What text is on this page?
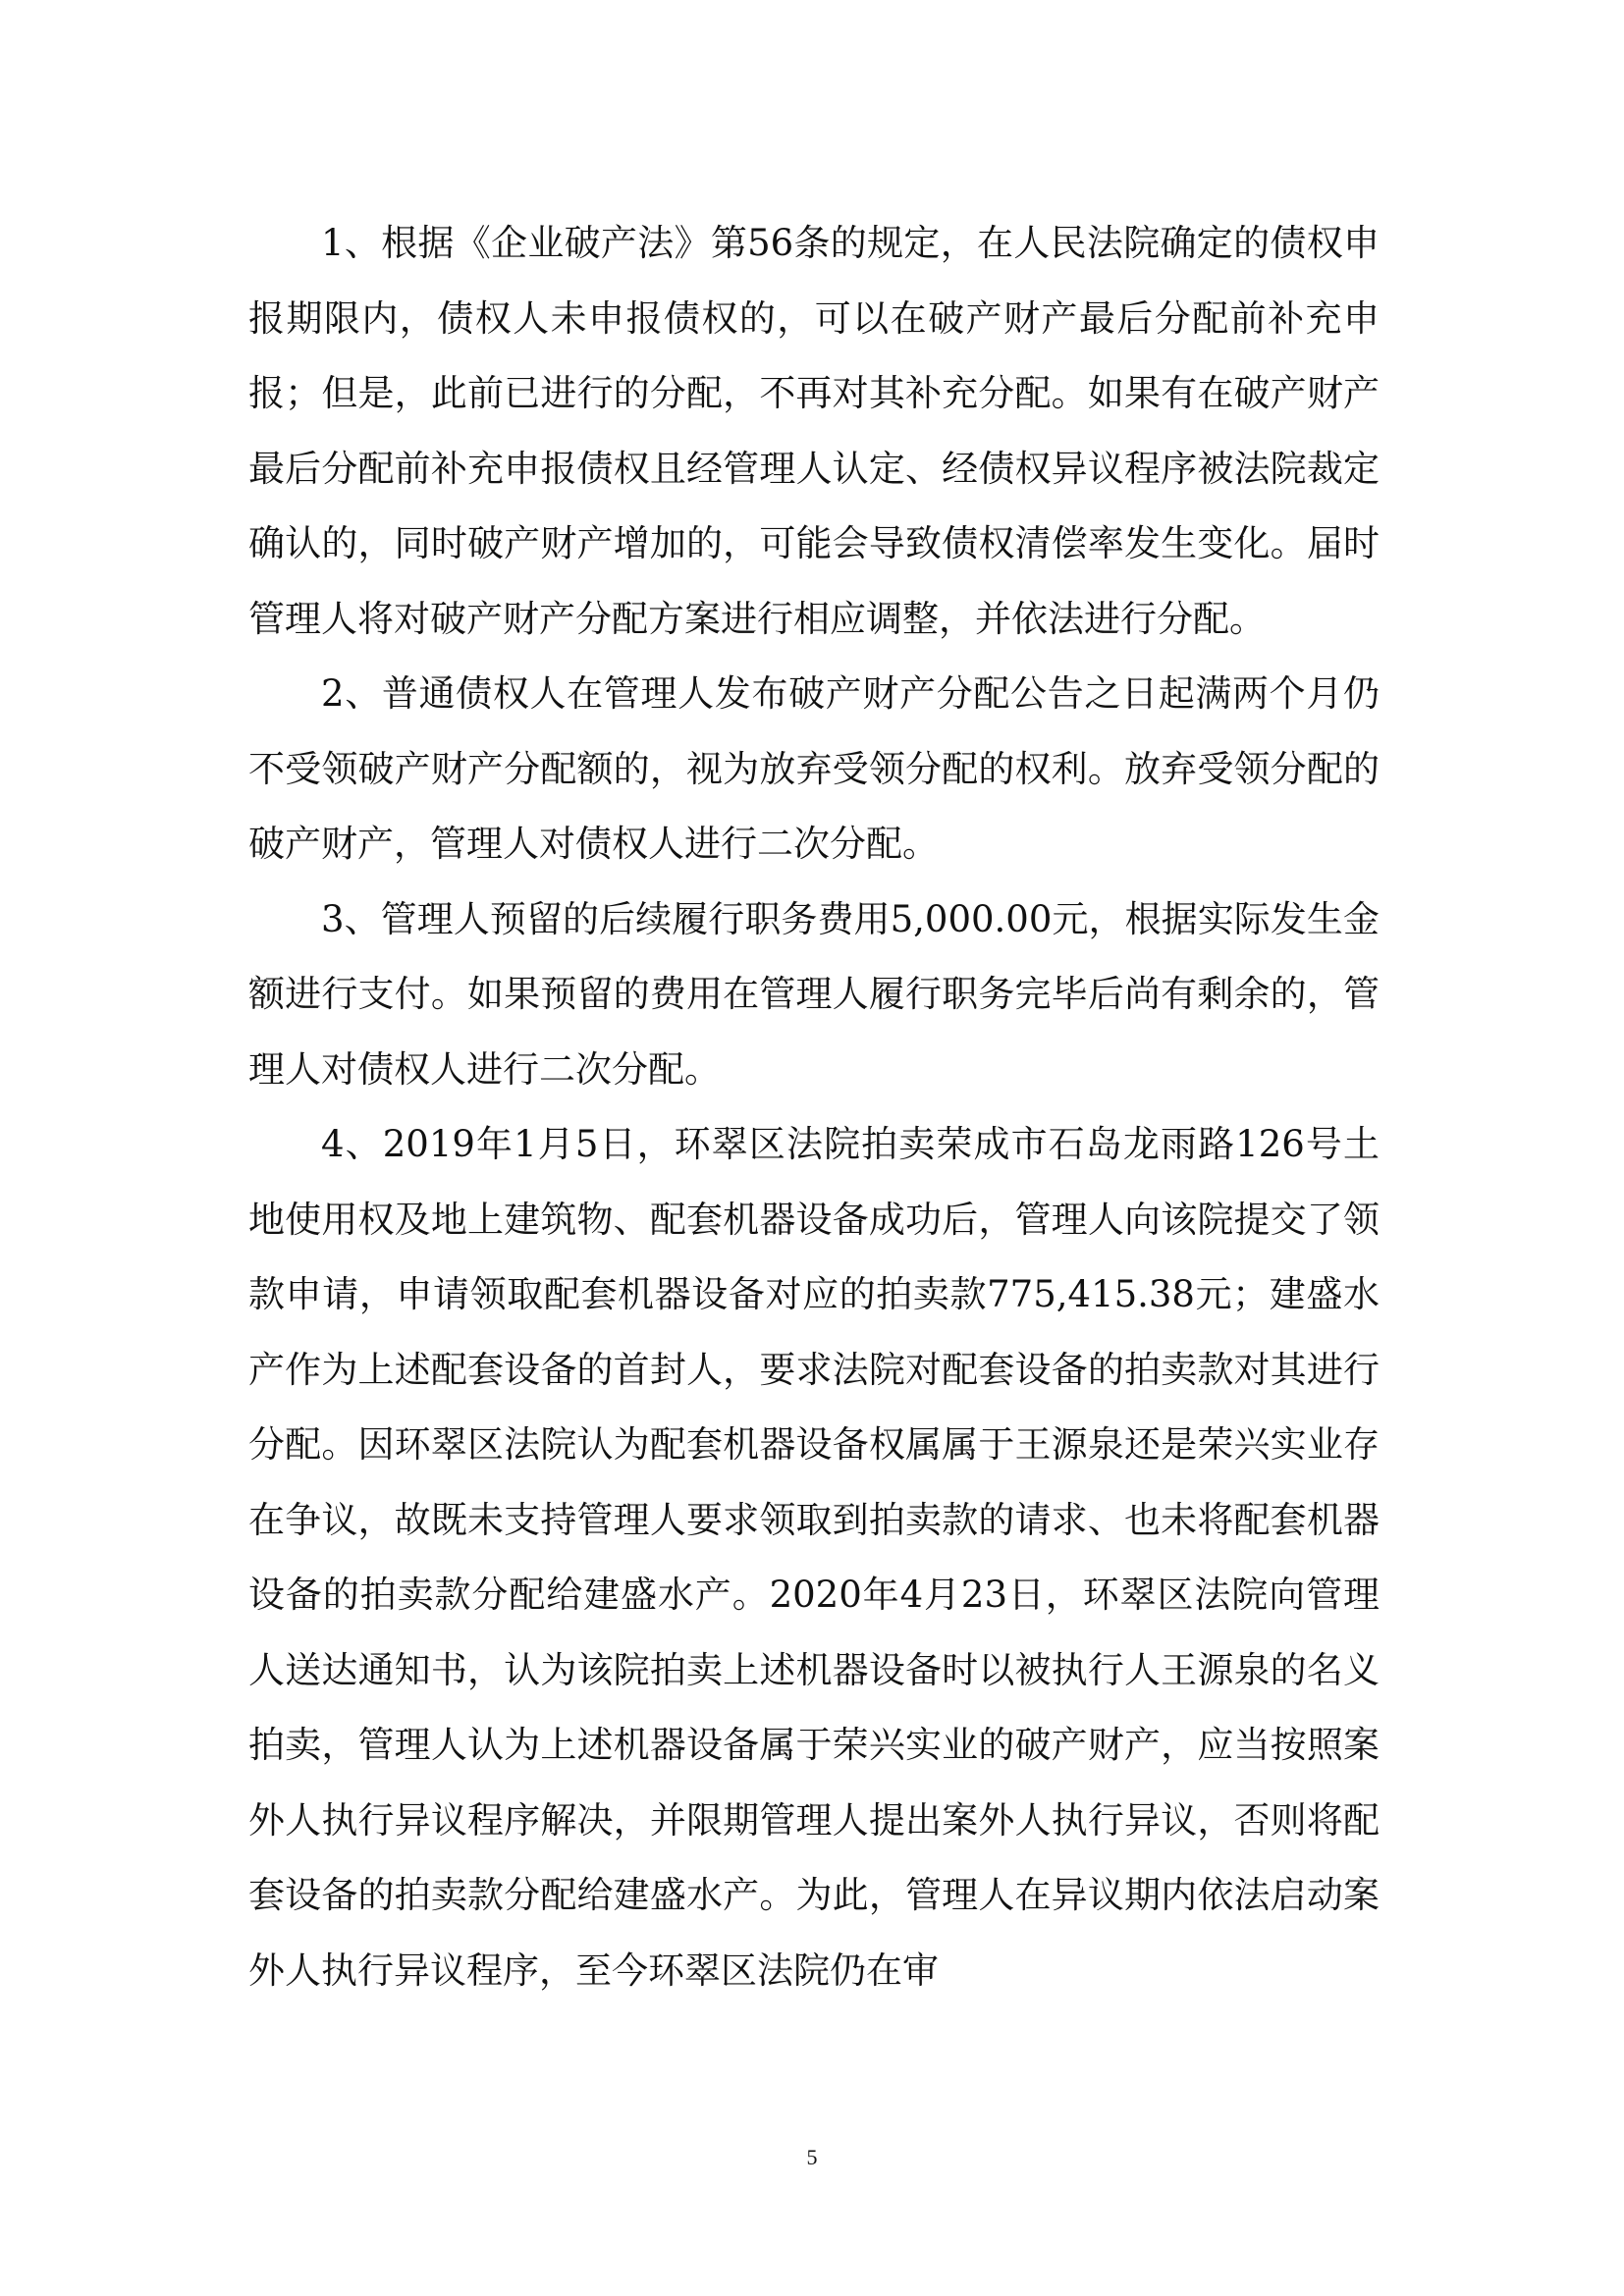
1、根据《企业破产法》第56条的规定，在人民法院确定的债权申报期限内，债权人未申报债权的，可以在破产财产最后分配前补充申报；但是，此前已进行的分配，不再对其补充分配。如果有在破产财产最后分配前补充申报债权且经管理人认定、经债权异议程序被法院裁定确认的，同时破产财产增加的，可能会导致债权清偿率发生变化。届时管理人将对破产财产分配方案进行相应调整，并依法进行分配。

2、普通债权人在管理人发布破产财产分配公告之日起满两个月仍不受领破产财产分配额的，视为放弃受领分配的权利。放弃受领分配的破产财产，管理人对债权人进行二次分配。

3、管理人预留的后续履行职务费用5,000.00元，根据实际发生金额进行支付。如果预留的费用在管理人履行职务完毕后尚有剩余的，管理人对债权人进行二次分配。

4、2019年1月5日，环翠区法院拍卖荣成市石岛龙雨路126号土地使用权及地上建筑物、配套机器设备成功后，管理人向该院提交了领款申请，申请领取配套机器设备对应的拍卖款775,415.38元；建盛水产作为上述配套设备的首封人，要求法院对配套设备的拍卖款对其进行分配。因环翠区法院认为配套机器设备权属属于王源泉还是荣兴实业存在争议，故既未支持管理人要求领取到拍卖款的请求、也未将配套机器设备的拍卖款分配给建盛水产。2020年4月23日，环翠区法院向管理人送达通知书，认为该院拍卖上述机器设备时以被执行人王源泉的名义拍卖，管理人认为上述机器设备属于荣兴实业的破产财产，应当按照案外人执行异议程序解决，并限期管理人提出案外人执行异议，否则将配套设备的拍卖款分配给建盛水产。为此，管理人在异议期内依法启动案外人执行异议程序，至今环翠区法院仍在审

5
